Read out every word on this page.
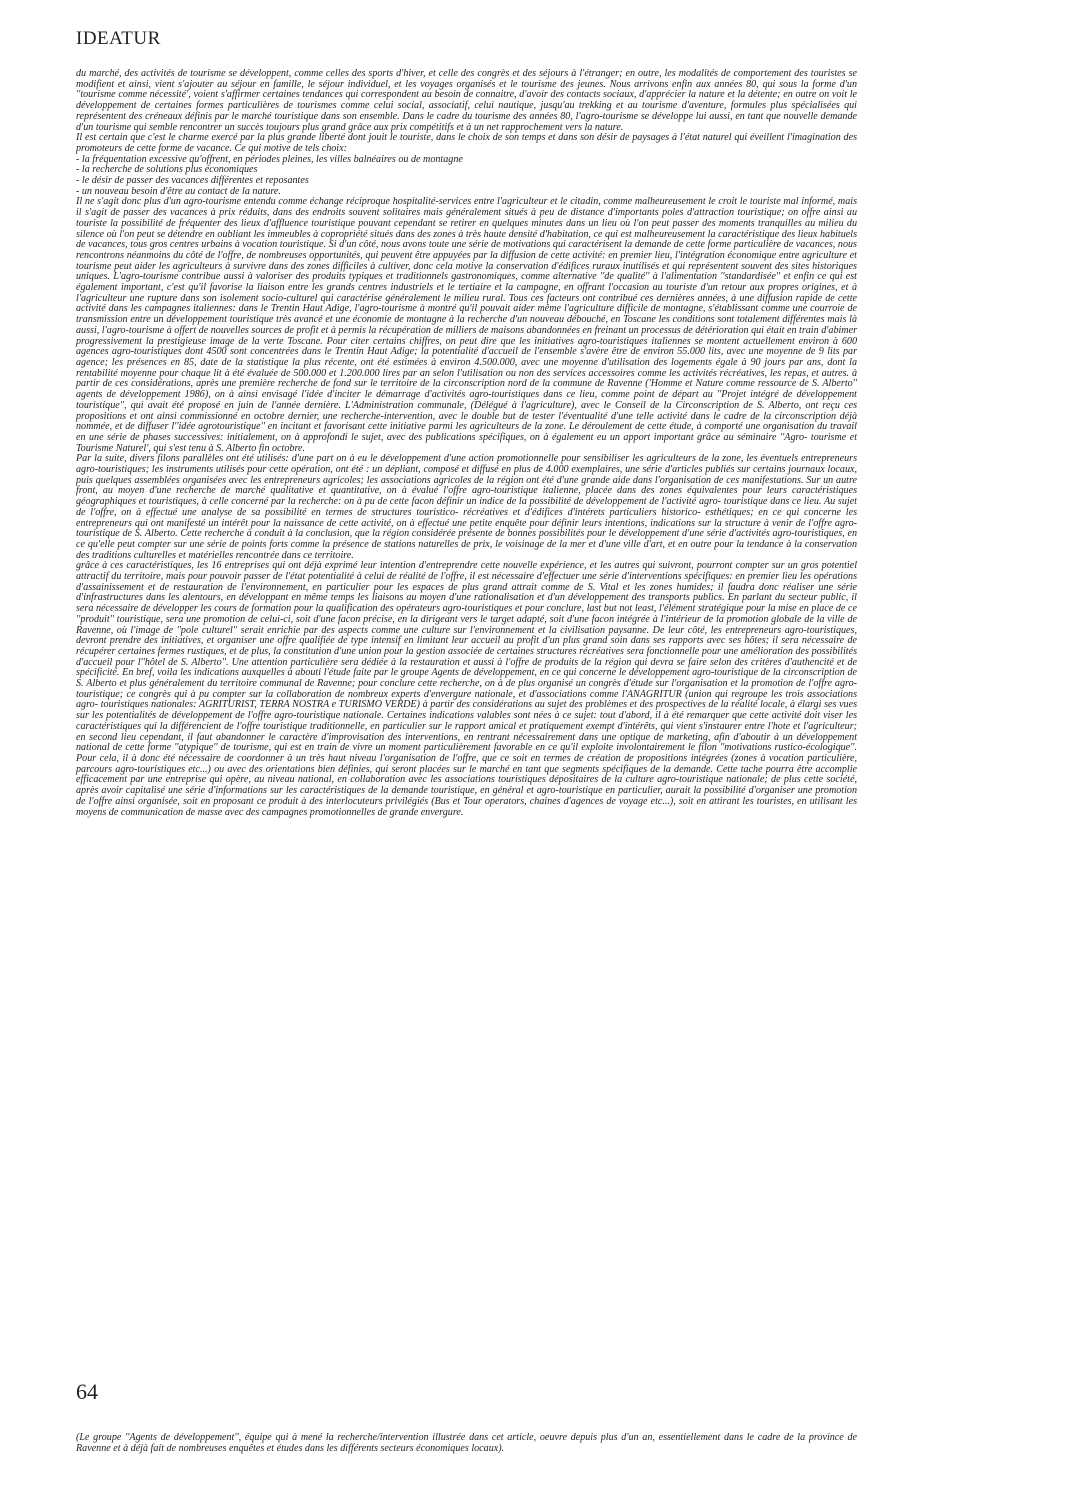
IDEATUR

du marché, des activités de tourisme se développent, comme celles des sports d'hiver, et celle des congrès et des séjours à l'étranger; en outre, les modalités de comportement des touristes se modifient et ainsi, vient s'ajouter au séjour en famille, le séjour individuel, et les voyages organisés et le tourisme des jeunes. Nous arrivons enfin aux années 80, qui sous la forme d'un ''tourisme comme nécessité', voient s'affirmer certaines tendances qui correspondent au besoin de connaitre, d'avoir des contacts sociaux, d'apprécier la nature et la détente; en outre on voit le développement de certaines formes particulières de tourismes comme celui social, associatif, celui nautique, jusqu'au trekking et au tourisme d'aventure, formules plus spécialisées qui représentent des créneaux définis par le marché touristique dans son ensemble. Dans le cadre du tourisme des années 80, l'agro-tourisme se développe lui aussi, en tant que nouvelle demande d'un tourisme qui semble rencontrer un succès toujours plus grand grâce aux prix compétitifs et à un net rapprochement vers la nature.

Il est certain que c'est le charme exercé par la plus grande liberté dont jouit le touriste, dans le choix de son temps et dans son désir de paysages à l'état naturel qui éveillent l'imagination des promoteurs de cette forme de vacance. Ce qui motive de tels choix:

- la fréquentation excessive qu'offrent, en périodes pleines, les villes balnéaires ou de montagne

- la recherche de solutions plus économiques

- le désir de passer des vacances différentes et reposantes

- un nouveau besoin d'être au contact de la nature.

Il ne s'agit donc plus d'un agro-tourisme entendu comme échange réciproque hospitalité-services entre l'agriculteur et le citadin, comme malheureusement le croit le touriste mal informé, mais il s'agit de passer des vacances à prix réduits, dans des endroits souvent solitaires mais généralement situés à peu de distance d'importants poles d'attraction touristique; on offre ainsi au touriste la possibilité de fréquenter des lieux d'affluence touristique pouvant cependant se retirer en quelques minutes dans un lieu où l'on peut passer des moments tranquilles au milieu du silence où l'on peut se détendre en oubliant les immeubles à copropriété situés dans des zones à très haute densité d'habitation, ce qui est malheureusement la caractéristique des lieux habituels de vacances, tous gros centres urbains à vocation touristique. Si d'un côté, nous avons toute une série de motivations qui caractérisent la demande de cette forme particulière de vacances, nous rencontrons néanmoins du côté de l'offre, de nombreuses opportunités, qui peuvent être appuyées par la diffusion de cette activité: en premier lieu, l'intégration économique entre agriculture et tourisme peut aider les agriculteurs à survivre dans des zones difficiles à cultiver, donc cela motive la conservation d'édifices ruraux inutilisés et qui représentent souvent des sites historiques uniques. L'agro-tourisme contribue aussi à valoriser des produits typiques et traditionnels gastronomiques, comme alternative ''de qualité'' à l'alimentation ''standardisée'' et enfin ce qui est également important, c'est qu'il favorise la liaison entre les grands centres industriels et le tertiaire et la campagne, en offrant l'occasion au touriste d'un retour aux propres origines, et à l'agriculteur une rupture dans son isolement socio-culturel qui caractérise généralement le milieu rural. Tous ces facteurs ont contribué ces dernières années, à une diffusion rapide de cette activité dans les campagnes italiennes: dans le Trentin Haut Adige, l'agro-tourisme à montré qu'il pouvait aider même l'agriculture difficile de montagne, s'établissant comme une courroie de transmission entre un développement touristique très avancé et une économie de montagne à la recherche d'un nouveau débouché, en Toscane les conditions sont totalement différentes mais là aussi, l'agro-tourisme à offert de nouvelles sources de profit et à permis la récupération de milliers de maisons abandonnées en freinant un processus de détérioration qui était en train d'abimer progressivement la prestigieuse image de la verte Toscane. Pour citer certains chiffres, on peut dire que les initiatives agro-touristiques italiennes se montent actuellement environ à 600 agences agro-touristiques dont 4500 sont concentrées dans le Trentin Haut Adige; la potentialité d'accueil de l'ensemble s'avère être de environ 55.000 lits, avec une moyenne de 9 lits par agence; les présences en 85, date de la statistique la plus récente, ont été estimées à environ 4.500.000, avec une moyenne d'utilisation des logements égale à 90 jours par ans, dont la rentabilité moyenne pour chaque lit à été évaluée de 500.000 et 1.200.000 lires par an selon l'utilisation ou non des services accessoires comme les activités récréatives, les repas, et autres. à partir de ces considérations, après une première recherche de fond sur le territoire de la circonscription nord de la commune de Ravenne ('Homme et Nature comme ressource de S. Alberto'' agents de développement 1986), on à ainsi envisagé l'idée d'inciter le démarrage d'activités agro-touristiques dans ce lieu, comme point de départ au ''Projet intégré de développement touristique'', qui avait été proposé en juin de l'année dernière. L'Administration communale, (Délégué à l'agriculture), avec le Conseil de la Circonscription de S. Alberto, ont reçu ces propositions et ont ainsi commissionné en octobre dernier, une recherche-intervention, avec le double but de tester l'éventualité d'une telle activité dans le cadre de la circonscription déjà nommée, et de diffuser l''idée agrotouristique'' en incitant et favorisant cette initiative parmi les agriculteurs de la zone. Le déroulement de cette étude, à comporté une organisation du travail en une série de phases successives: initialement, on à approfondi le sujet, avec des publications spécifiques, on à également eu un apport important grâce au séminaire ''Agro- tourisme et Tourisme Naturel', qui s'est tenu à S. Alberto fin octobre.

Par la suite, divers filons parallèles ont été utilisés: d'une part on à eu le développement d'une action promotionnelle pour sensibiliser les agriculteurs de la zone, les éventuels entrepreneurs agro-touristiques; les instruments utilisés pour cette opération, ont été : un dépliant, composé et diffusé en plus de 4.000 exemplaires, une série d'articles publiés sur certains journaux locaux, puis quelques assemblées organisées avec les entrepreneurs agricoles; les associations agricoles de la région ont été d'une grande aide dans l'organisation de ces manifestations. Sur un autre front, au moyen d'une recherche de marché qualitative et quantitative, on à évalué l'offre agro-touristique italienne, placée dans des zones équivalentes pour leurs caractéristiques géographiques et touristiques, à celle concerné par la recherche: on à pu de cette facon définir un indice de la possibilité de développement de l'activité agro- touristique dans ce lieu. Au sujet de l'offre, on à effectué une analyse de sa possibilité en termes de structures touristico- récréatives et d'édifices d'intérets particuliers historico- esthétiques; en ce qui concerne les entrepreneurs qui ont manifesté un intérêt pour la naissance de cette activité, on à effectué une petite enquête pour définir leurs intentions, indications sur la structure à venir de l'offre agro-touristique de S. Alberto. Cette recherche à conduit à la conclusion, que la région considérée présente de bonnes possibilités pour le développement d'une série d'activités agro-touristiques, en ce qu'elle peut compter sur une série de points forts comme la présence de stations naturelles de prix, le voisinage de la mer et d'une ville d'art, et en outre pour la tendance à la conservation des traditions culturelles et matérielles rencontrée dans ce territoire.

grâce à ces caractéristiques, les 16 entreprises qui ont déjà exprimé leur intention d'entreprendre cette nouvelle expérience, et les autres qui suivront, pourront compter sur un gros potentiel attractif du territoire, mais pour pouvoir passer de l'état potentialité à celui de réalité de l'offre, il est nécessaire d'effectuer une série d'interventions spécifiques: en premier lieu les opérations d'assainissement et de restauration de l'environnement, en particulier pour les espaces de plus grand attrait comme de S. Vital et les zones humides; il faudra donc réaliser une série d'infrastructures dans les alentours, en développant en même temps les liaisons au moyen d'une rationalisation et d'un développement des transports publics. En parlant du secteur public, il sera nécessaire de développer les cours de formation pour la qualification des opérateurs agro-touristiques et pour conclure, last but not least, l'élément stratégique pour la mise en place de ce ''produit'' touristique, sera une promotion de celui-ci, soit d'une facon précise, en la dirigeant vers le target adapté, soit d'une facon intégrée à l'intérieur de la promotion globale de la ville de Ravenne, où l'image de ''pole culturel'' serait enrichie par des aspects comme une culture sur l'environnement et la civilisation paysanne. De leur côté, les entrepreneurs agro-touristiques, devront prendre des initiatives, et organiser une offre qualifiée de type intensif en limitant leur accueil au profit d'un plus grand soin dans ses rapports avec ses hôtes; il sera nécessaire de récupérer certaines fermes rustiques, et de plus, la constitution d'une union pour la gestion associée de certaines structures récréatives sera fonctionnelle pour une amélioration des possibilités d'accueil pour l''hôtel de S. Alberto''. Une attention particulière sera dédiée à la restauration et aussi à l'offre de produits de la région qui devra se faire selon des critères d'authencité et de spécificité. En bref, voila les indications auxquelles à abouti l'étude faite par le groupe Agents de développement, en ce qui concerne le développement agro-touristique de la circonscription de S. Alberto et plus généralement du territoire communal de Ravenne; pour conclure cette recherche, on à de plus organisé un congrès d'étude sur l'organisation et la promotion de l'offre agro- touristique; ce congrès qui à pu compter sur la collaboration de nombreux experts d'envergure nationale, et d'associations comme l'ANAGRITUR (union qui regroupe les trois associations agro- touristiques nationales: AGRITURIST, TERRA NOSTRA e TURISMO VERDE) à partir des considérations au sujet des problèmes et des prospectives de la réalité locale, à élargi ses vues sur les potentialités de développement de l'offre agro-touristique nationale. Certaines indications valables sont nées à ce sujet: tout d'abord, il à été remarquer que cette activité doit viser les caractéristiques qui la différencient de l'offre touristique traditionnelle, en particulier sur le rapport amical et pratiquement exempt d'intérêts, qui vient s'instaurer entre l'hote et l'agriculteur; en second lieu cependant, il faut abandonner le caractère d'improvisation des interventions, en rentrant nécessairement dans une optique de marketing, afin d'aboutir à un développement national de cette forme ''atypique'' de tourisme, qui est en train de vivre un moment particulièrement favorable en ce qu'il exploite involontairement le filon ''motivations rustico-écologique''. Pour cela, il à donc été nécessaire de coordonner à un très haut niveau l'organisation de l'offre, que ce soit en termes de création de propositions intégrées (zones à vocation particulière, parcours agro-touristiques etc...) ou avec des orientations bien définies, qui seront placées sur le marché en tant que segments spécifiques de la demande. Cette tache pourra être accomplie efficacement par une entreprise qui opère, au niveau national, en collaboration avec les associations touristiques dépositaires de la culture agro-touristique nationale; de plus cette société, après avoir capitalisé une série d'informations sur les caractéristiques de la demande touristique, en général et agro-touristique en particulier, aurait la possibilité d'organiser une promotion de l'offre ainsi organisée, soit en proposant ce produit à des interlocuteurs privilégiés (Bus et Tour operators, chaines d'agences de voyage etc...), soit en attirant les touristes, en utilisant les moyens de communication de masse avec des campagnes promotionnelles de grande envergure.

64

(Le groupe ''Agents de développement'', équipe qui à mené la recherche/intervention illustrée dans cet article, oeuvre depuis plus d'un an, essentiellement dans le cadre de la province de Ravenne et à déjà fait de nombreuses enquêtes et études dans les différents secteurs économiques locaux).
